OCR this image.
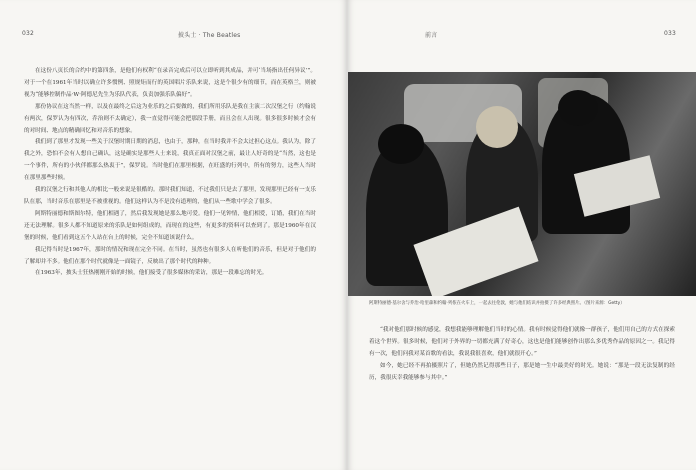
032	披头士 · The Beatles

在这份八页长的合约中的第四条，是他们有权利“在录音完成后可以立即听到其成品，并可‘当场指出任何异议’”。对于一个在1961年当时以确立许多惯例、照规矩而行的英国唱片乐队来说，这是个很少有的细节，而在英格兰，则被视为“能够控制作品·W·阿德尼先生为乐队代表，负责加强乐队偏好”。

那份协议在这当然一样，以及在最终之后这为业乐的之后要做的，我们所用乐队是我在主演二次汉堡之行（约翰说有两次，保罗认为有四次，乔治则不太确定），我一直觉得可能会把那段手册，而且会在人出现。很多很多时候才会有的对时间、地点的精确回忆和对音乐的想象。

我们到了那里才发现一些关于汉堡时期日期的消息，也由于，那种，在当时我并不会太过担心这点。我认为，除了我之外，恐怕不会有人想自己确认，这是确实是那些人士来说，我真正面对汉堡之前，最让人好奇的是“当然，这也是一个事件，所有的小伙伴都那么热衷于”，保罗说。当时他们在那里根据，在旺盛的行列中，所有的努力，这些人当时在那里那些时候。

我的汉堡之行和其他人的相比一般来说是很酷的。那时我们知道，不过我们只是去了那里，发现那里已经有一支乐队在那，当时音乐在那里是不被重视的。他们这样认为不是没有道理的，他们从一些歌中学会了很多。

阿斯特丽德和斯图尔特，他们相遇了，然后我发现她是那么地可爱。他们一见钟情，他们相爱，订婚，我们在当时还无法理解。很多人都不知道原来的乐队是如何组成的，而现在的这些，有更多的资料可以查到了。那是1960年在汉堡的时候，他们看到这五个人站在台上的时候，完全不知道该说什么。

我记得当时是1967年，那时的情况和现在完全不同。在当时，虽然也有很多人在听他们的音乐，但是对于他们的了解却并不多。他们在那个时代就像是一面镜子，反映出了那个时代的种种。

在1963年，披头士狂热刚刚开始的时候，他们接受了很多媒体的采访，那是一段难忘的时光。

前言	033
阿斯特丽德·基尔舍与乔治·哈里森和约翰·列侬在火车上，一起去往伦敦，她与他们结识并拍摄了许多经典照片。（图片来源：Getty）

“我对他们那时候的感觉，我想我能够理解他们当时的心情。我有时候觉得他们就像一群孩子，他们用自己的方式在探索着这个世界。很多时候，他们对于外界的一切都充满了好奇心，这也是他们能够创作出那么多优秀作品的原因之一。我记得有一次，他们问我对某首歌的看法，我说我很喜欢，他们就很开心。”

如今，她已经不再拍摄照片了，但她仍然记得那些日子，那是她一生中最美好的时光。她说：“那是一段无法复制的经历，我很庆幸我能够参与其中。”
